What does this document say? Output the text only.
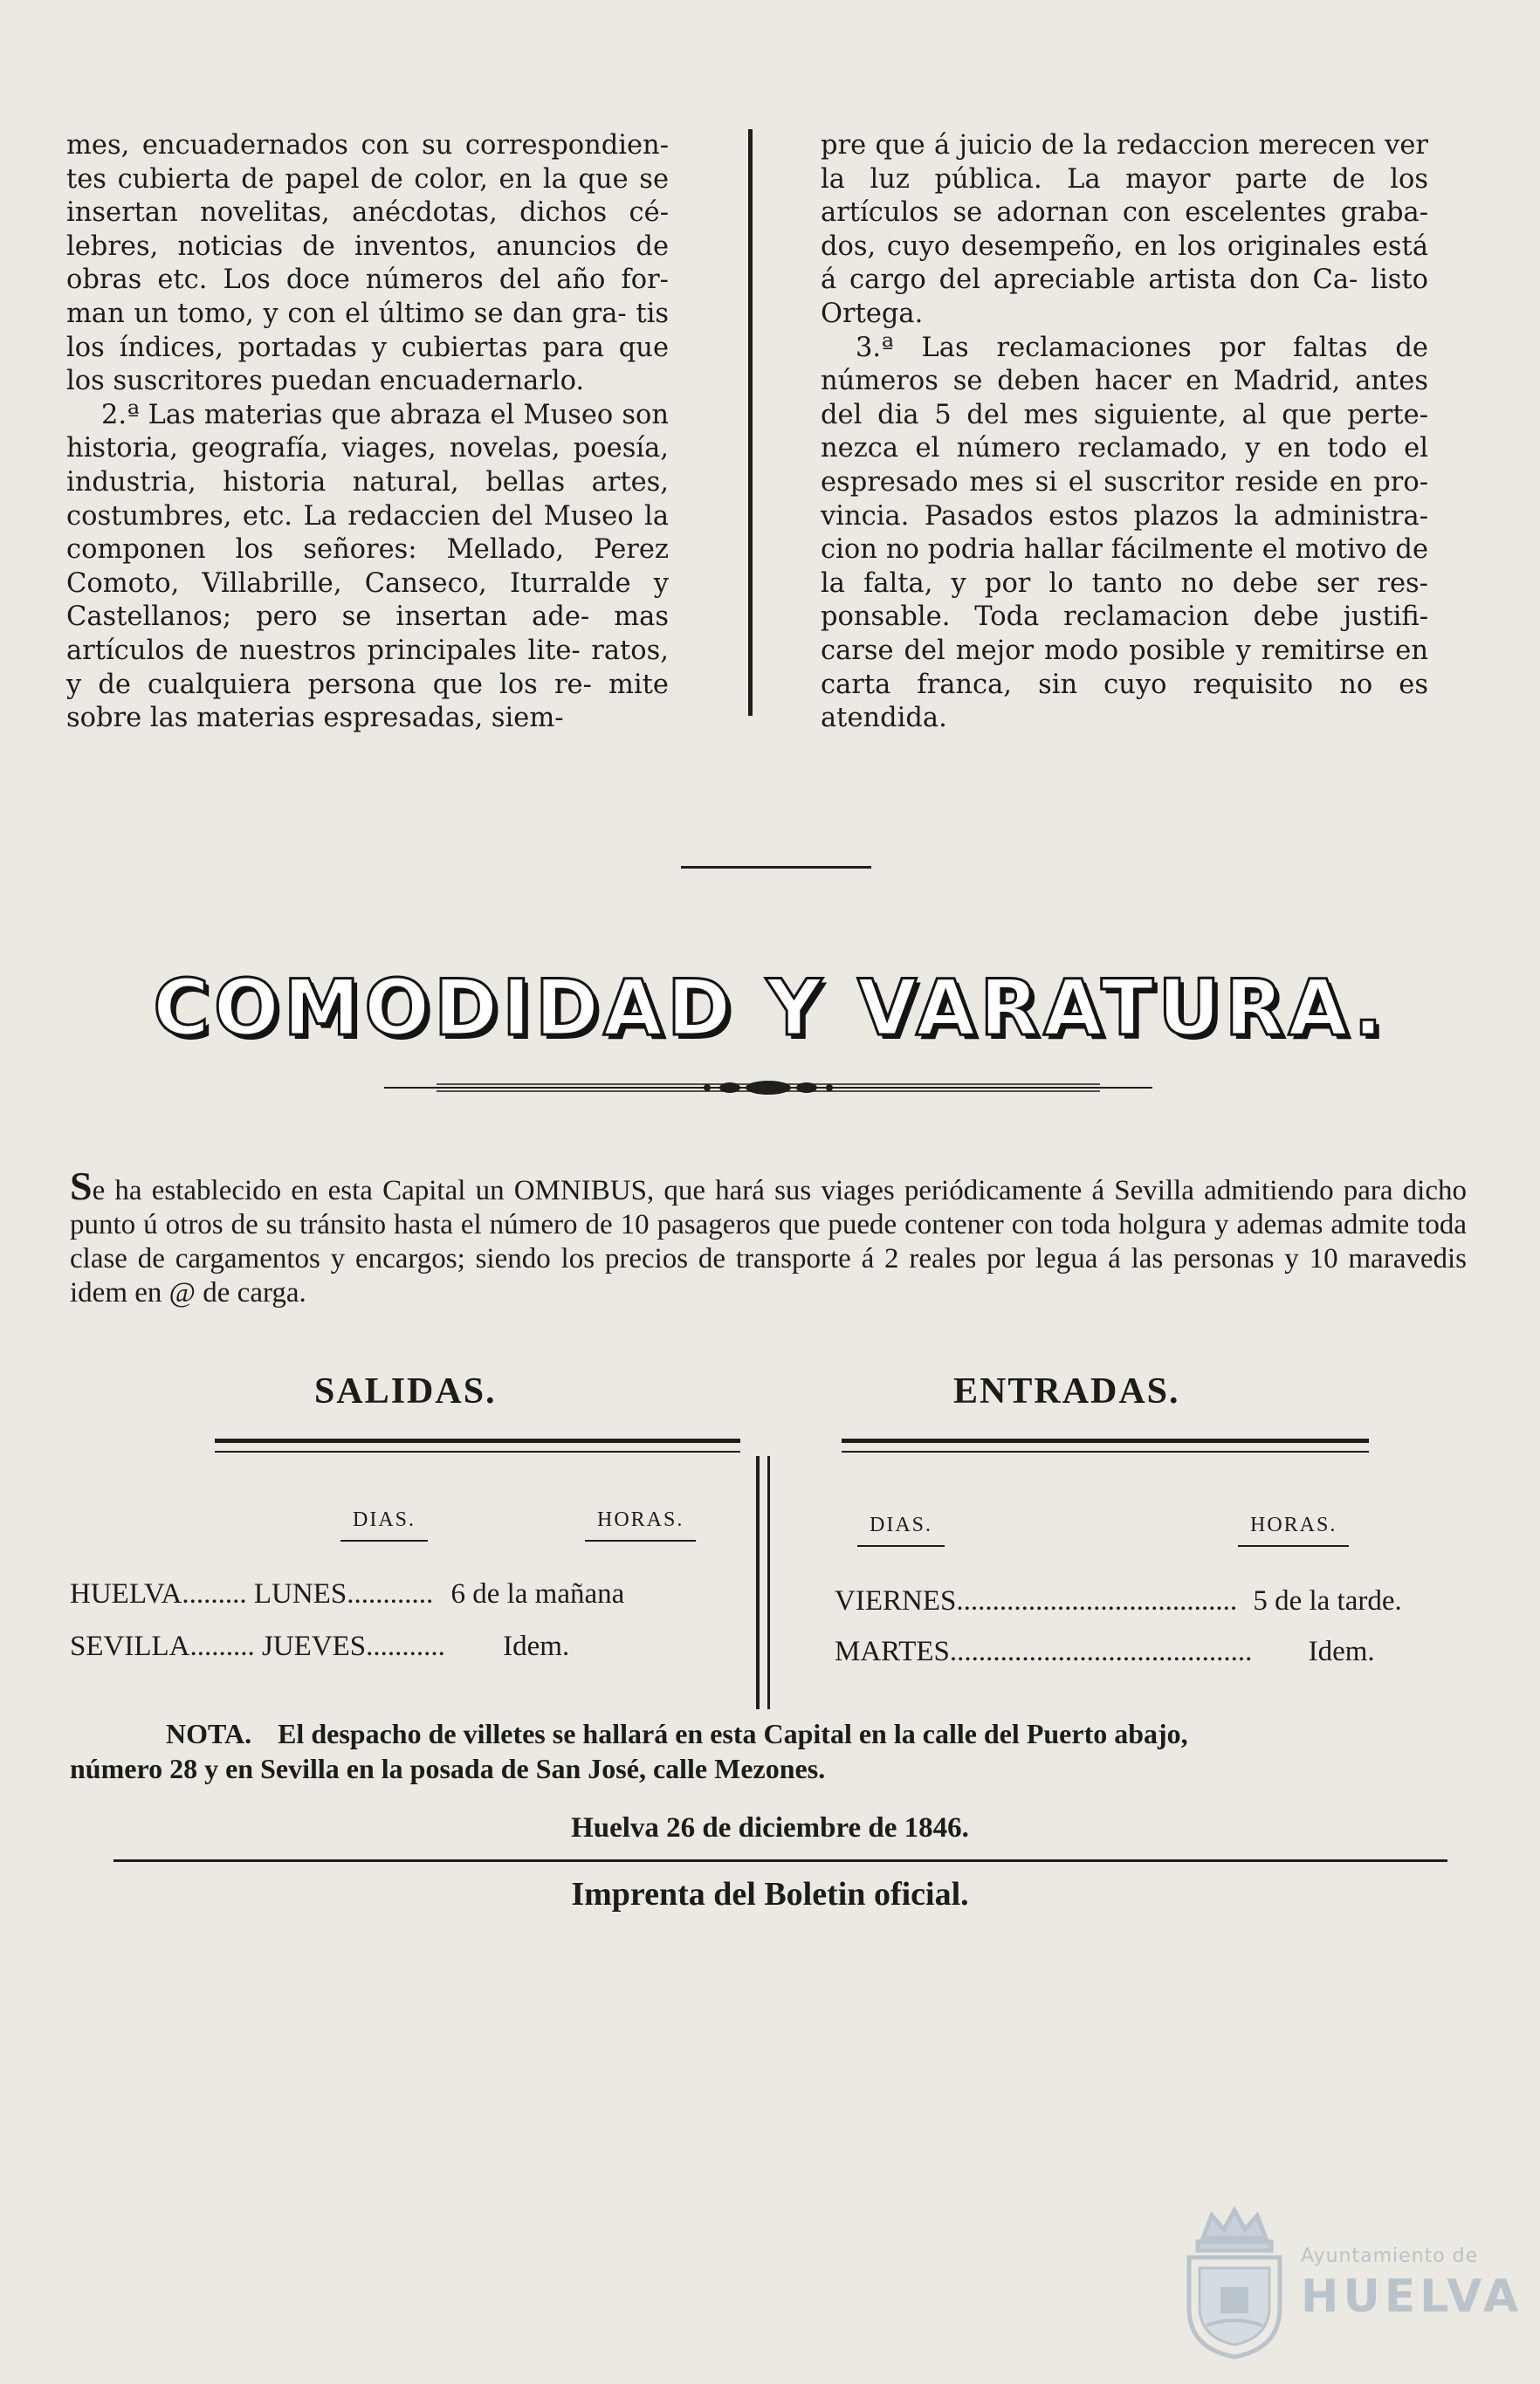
mes, encuadernados con su correspondien- tes cubierta de papel de color, en la que se insertan novelitas, anécdotas, dichos cé- lebres, noticias de inventos, anuncios de obras etc. Los doce números del año for- man un tomo, y con el último se dan gra- tis los índices, portadas y cubiertas para que los suscritores puedan encuadernarlo.

2.ª Las materias que abraza el Museo son historia, geografía, viages, novelas, poesía, industria, historia natural, bellas artes, costumbres, etc. La redaccien del Museo la componen los señores: Mellado, Perez Comoto, Villabrille, Canseco, Iturralde y Castellanos; pero se insertan ade- mas artículos de nuestros principales lite- ratos, y de cualquiera persona que los re- mite sobre las materias espresadas, siem-

pre que á juicio de la redaccion merecen ver la luz pública. La mayor parte de los artículos se adornan con escelentes graba- dos, cuyo desempeño, en los originales está á cargo del apreciable artista don Ca- listo Ortega.

3.ª Las reclamaciones por faltas de números se deben hacer en Madrid, antes del dia 5 del mes siguiente, al que perte- nezca el número reclamado, y en todo el espresado mes si el suscritor reside en pro- vincia. Pasados estos plazos la administra- cion no podria hallar fácilmente el motivo de la falta, y por lo tanto no debe ser res- ponsable. Toda reclamacion debe justifi- carse del mejor modo posible y remitirse en carta franca, sin cuyo requisito no es atendida.

COMODIDAD Y VARATURA.

Se ha establecido en esta Capital un OMNIBUS, que hará sus viages periódicamente á Sevilla admitiendo para dicho punto ú otros de su tránsito hasta el número de 10 pasageros que puede contener con toda holgura y ademas admite toda clase de cargamentos y encargos; siendo los precios de transporte á 2 reales por legua á las personas y 10 maravedis idem en @ de carga.

SALIDAS.	ENTRADAS.
DIAS.	HORAS.	DIAS.	HORAS.
HUELVA......... LUNES............ 6 de la mañana
SEVILLA......... JUEVES........... Idem.
VIERNES....................................... 5 de la tarde.
MARTES.......................................... Idem.

NOTA. El despacho de villetes se hallará en esta Capital en la calle del Puerto abajo,

número 28 y en Sevilla en la posada de San José, calle Mezones.

Huelva 26 de diciembre de 1846.
Imprenta del Boletin oficial.
Ayuntamiento de
HUELVA
